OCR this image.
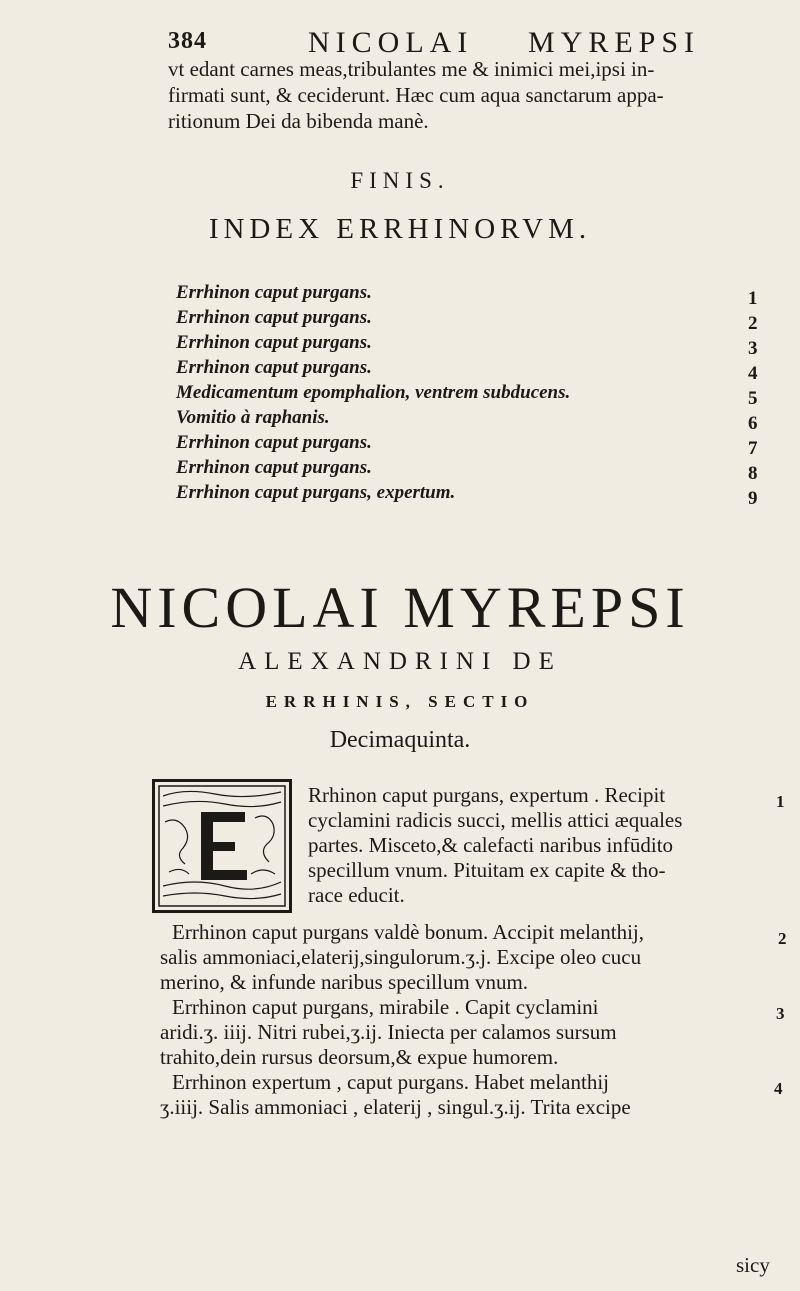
384	NICOLAI MYREPSI
vt edant carnes meas,tribulantes me & inimici mei,ipsi in-
firmati sunt, & ceciderunt. Hæc cum aqua sanctarum appa-
ritionum Dei da bibenda manè.
FINIS.
INDEX ERRHINORVM.
Errhinon caput purgans.	1
Errhinon caput purgans.	2
Errhinon caput purgans.	3
Errhinon caput purgans.	4
Medicamentum epomphalion, ventrem subducens.	5
Vomitio à raphanis.	6
Errhinon caput purgans.	7
Errhinon caput purgans.	8
Errhinon caput purgans, expertum.	9
NICOLAI MYREPSI
ALEXANDRINI DE
ERRHINIS, SECTIO
Decimaquinta.
Rrhinon caput purgans, expertum . Recipit
cyclamini radicis succi, mellis attici æquales
partes. Misceto,& calefacti naribus infūdito
specillum vnum. Pituitam ex capite & tho-
race educit.
Errhinon caput purgans valdè bonum. Accipit melanthij,
salis ammoniaci,elaterij,singulorum.ʒ.j. Excipe oleo cucu
merino, & infunde naribus specillum vnum.
Errhinon caput purgans, mirabile . Capit cyclamini
aridi.ʒ. iiij. Nitri rubei,ʒ.ij. Iniecta per calamos sursum
trahito,dein rursus deorsum,& expue humorem.
Errhinon expertum , caput purgans. Habet melanthij
ʒ.iiij. Salis ammoniaci , elaterij , singul.ʒ.ij. Trita excipe
1
2
3
4
sicy
